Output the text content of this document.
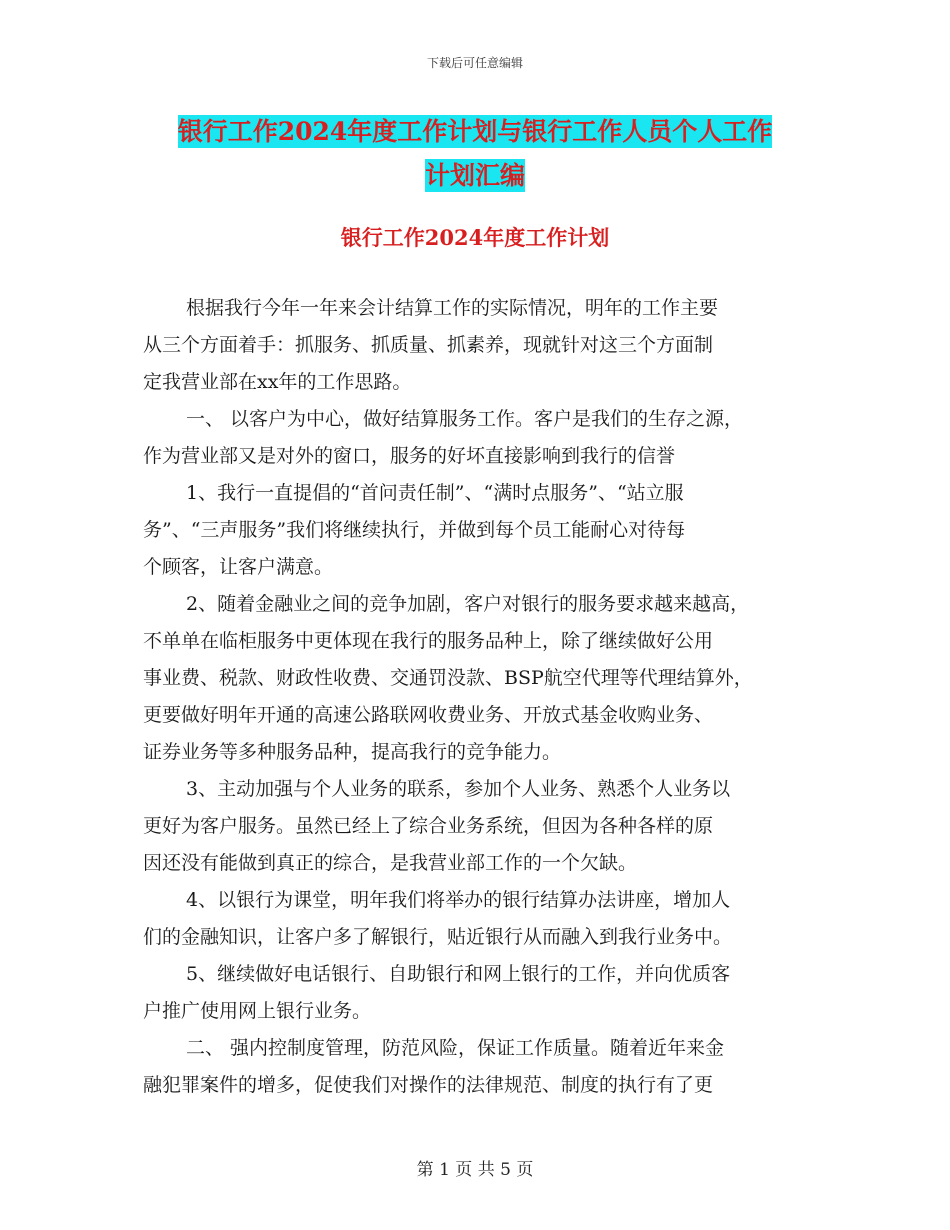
下载后可任意编辑
银行工作2024年度工作计划与银行工作人员个人工作
计划汇编
银行工作2024年度工作计划
根据我行今年一年来会计结算工作的实际情况，明年的工作主要
从三个方面着手：抓服务、抓质量、抓素养，现就针对这三个方面制
定我营业部在xx年的工作思路。
一、 以客户为中心，做好结算服务工作。客户是我们的生存之源，
作为营业部又是对外的窗口，服务的好坏直接影响到我行的信誉
1、我行一直提倡的“首问责任制”、“满时点服务”、“站立服
务”、“三声服务”我们将继续执行，并做到每个员工能耐心对待每
个顾客，让客户满意。
2、随着金融业之间的竞争加剧，客户对银行的服务要求越来越高，
不单单在临柜服务中更体现在我行的服务品种上，除了继续做好公用
事业费、税款、财政性收费、交通罚没款、BSP航空代理等代理结算外，
更要做好明年开通的高速公路联网收费业务、开放式基金收购业务、
证券业务等多种服务品种，提高我行的竞争能力。
3、主动加强与个人业务的联系，参加个人业务、熟悉个人业务以
更好为客户服务。虽然已经上了综合业务系统，但因为各种各样的原
因还没有能做到真正的综合，是我营业部工作的一个欠缺。
4、以银行为课堂，明年我们将举办的银行结算办法讲座，增加人
们的金融知识，让客户多了解银行，贴近银行从而融入到我行业务中。
5、继续做好电话银行、自助银行和网上银行的工作，并向优质客
户推广使用网上银行业务。
二、 强内控制度管理，防范风险，保证工作质量。随着近年来金
融犯罪案件的增多，促使我们对操作的法律规范、制度的执行有了更
第 1 页 共 5 页
